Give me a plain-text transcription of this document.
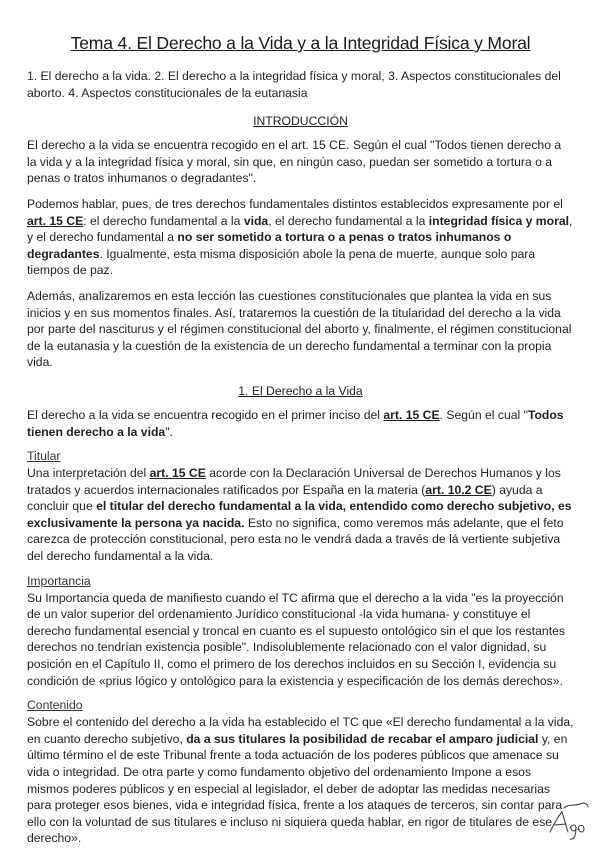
Tema 4. El Derecho a la Vida y a la Integridad Física y Moral

1. El derecho a la vida. 2. El derecho a la integridad física y moral, 3. Aspectos constitucionales del aborto. 4. Aspectos constitucionales de la eutanasia

INTRODUCCIÓN

El derecho a la vida se encuentra recogido en el art. 15 CE. Según el cual "Todos tienen derecho a la vida y a la integridad física y moral, sin que, en ningún caso, puedan ser sometido a tortura o a penas o tratos inhumanos o degradantes".

Podemos hablar, pues, de tres derechos fundamentales distintos establecidos expresamente por el art. 15 CE: el derecho fundamental a la vida, el derecho fundamental a la integridad física y moral, y el derecho fundamental a no ser sometido a tortura o a penas o tratos inhumanos o degradantes. Igualmente, esta misma disposición abole la pena de muerte, aunque solo para tiempos de paz.

Además, analizaremos en esta lección las cuestiones constitucionales que plantea la vida en sus inicios y en sus momentos finales. Así, trataremos la cuestión de la titularidad del derecho a la vida por parte del nasciturus y el régimen constitucional del aborto y, finalmente, el régimen constitucional de la eutanasia y la cuestión de la existencia de un derecho fundamental a terminar con la propia vida.

1. El Derecho a la Vida

El derecho a la vida se encuentra recogido en el primer inciso del art. 15 CE. Según el cual "Todos tienen derecho a la vida".

Titular

Una interpretación del art. 15 CE acorde con la Declaración Universal de Derechos Humanos y los tratados y acuerdos internacionales ratificados por España en la materia (art. 10.2 CE) ayuda a concluir que el titular del derecho fundamental a la vida, entendido como derecho subjetivo, es exclusivamente la persona ya nacida. Esto no significa, como veremos más adelante, que el feto carezca de protección constitucional, pero esta no le vendrá dada a través de lá vertiente subjetiva del derecho fundamental a la vida.

Importancia

Su Importancia queda de manifiesto cuando el TC afirma que el derecho a la vida "es la proyección de un valor superior del ordenamiento Jurídico constitucional -la vida humana- y constituye el derecho fundamental esencial y troncal en cuanto es el supuesto ontológico sin el que los restantes derechos no tendrían existencia posible". Indisolublemente relacionado con el valor dignidad, su posición en el Capítulo II, como el primero de los derechos incluidos en su Sección I, evidencia su condición de «prius lógico y ontológico para la existencia y especificación de los demás derechos».

Contenido

Sobre el contenido del derecho a la vida ha establecido el TC que «El derecho fundamental a la vida, en cuanto derecho subjetivo, da a sus titulares la posibilidad de recabar el amparo judicial y, en último término el de este Tribunal frente a toda actuación de los poderes públicos que amenace su vida o integridad. De otra parte y como fundamento objetivo del ordenamiento Impone a esos mismos poderes públicos y en especial al legislador, el deber de adoptar las medidas necesarias para proteger esos bienes, vida e integridad física, frente a los ataques de terceros, sin contar para ello con la voluntad de sus titulares e incluso ni siquiera queda hablar, en rigor de titulares de ese derecho».
